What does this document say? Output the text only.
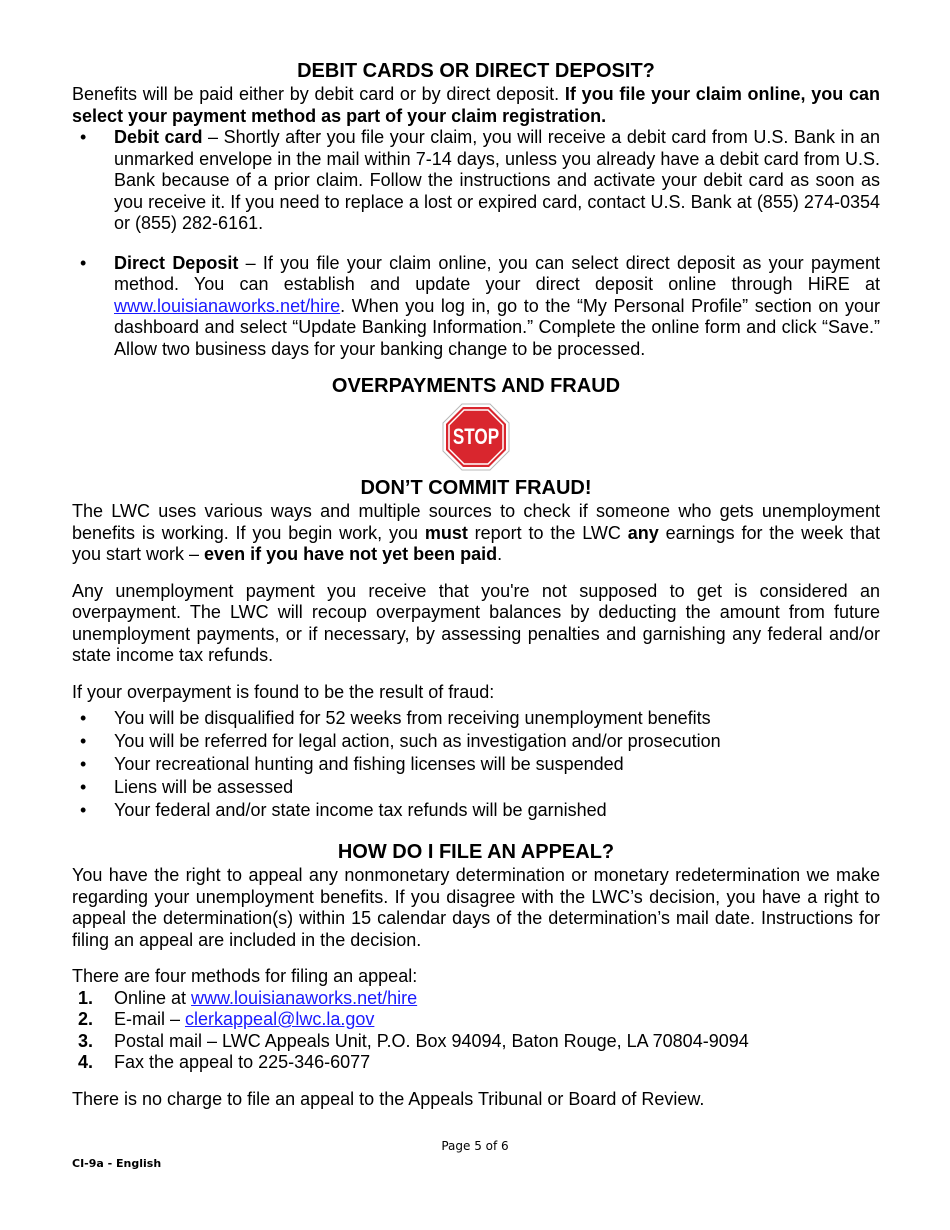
DEBIT CARDS OR DIRECT DEPOSIT?

Benefits will be paid either by debit card or by direct deposit. If you file your claim online, you can select your payment method as part of your claim registration.

• Debit card – Shortly after you file your claim, you will receive a debit card from U.S. Bank in an unmarked envelope in the mail within 7-14 days, unless you already have a debit card from U.S. Bank because of a prior claim. Follow the instructions and activate your debit card as soon as you receive it. If you need to replace a lost or expired card, contact U.S. Bank at (855) 274-0354 or (855) 282-6161.
• Direct Deposit – If you file your claim online, you can select direct deposit as your payment method. You can establish and update your direct deposit online through HiRE at www.louisianaworks.net/hire. When you log in, go to the “My Personal Profile” section on your dashboard and select “Update Banking Information.” Complete the online form and click “Save.” Allow two business days for your banking change to be processed.
OVERPAYMENTS AND FRAUD
STOP
DON’T COMMIT FRAUD!

The LWC uses various ways and multiple sources to check if someone who gets unemployment benefits is working. If you begin work, you must report to the LWC any earnings for the week that you start work – even if you have not yet been paid.

Any unemployment payment you receive that you're not supposed to get is considered an overpayment. The LWC will recoup overpayment balances by deducting the amount from future unemployment payments, or if necessary, by assessing penalties and garnishing any federal and/or state income tax refunds.

If your overpayment is found to be the result of fraud:

• You will be disqualified for 52 weeks from receiving unemployment benefits
• You will be referred for legal action, such as investigation and/or prosecution
• Your recreational hunting and fishing licenses will be suspended
• Liens will be assessed
• Your federal and/or state income tax refunds will be garnished
HOW DO I FILE AN APPEAL?

You have the right to appeal any nonmonetary determination or monetary redetermination we make regarding your unemployment benefits. If you disagree with the LWC’s decision, you have a right to appeal the determination(s) within 15 calendar days of the determination’s mail date. Instructions for filing an appeal are included in the decision.

There are four methods for filing an appeal:

1. Online at www.louisianaworks.net/hire
2. E-mail – clerkappeal@lwc.la.gov
3. Postal mail – LWC Appeals Unit, P.O. Box 94094, Baton Rouge, LA 70804-9094
4. Fax the appeal to 225-346-6077

There is no charge to file an appeal to the Appeals Tribunal or Board of Review.

Page 5 of 6
CI-9a - English
